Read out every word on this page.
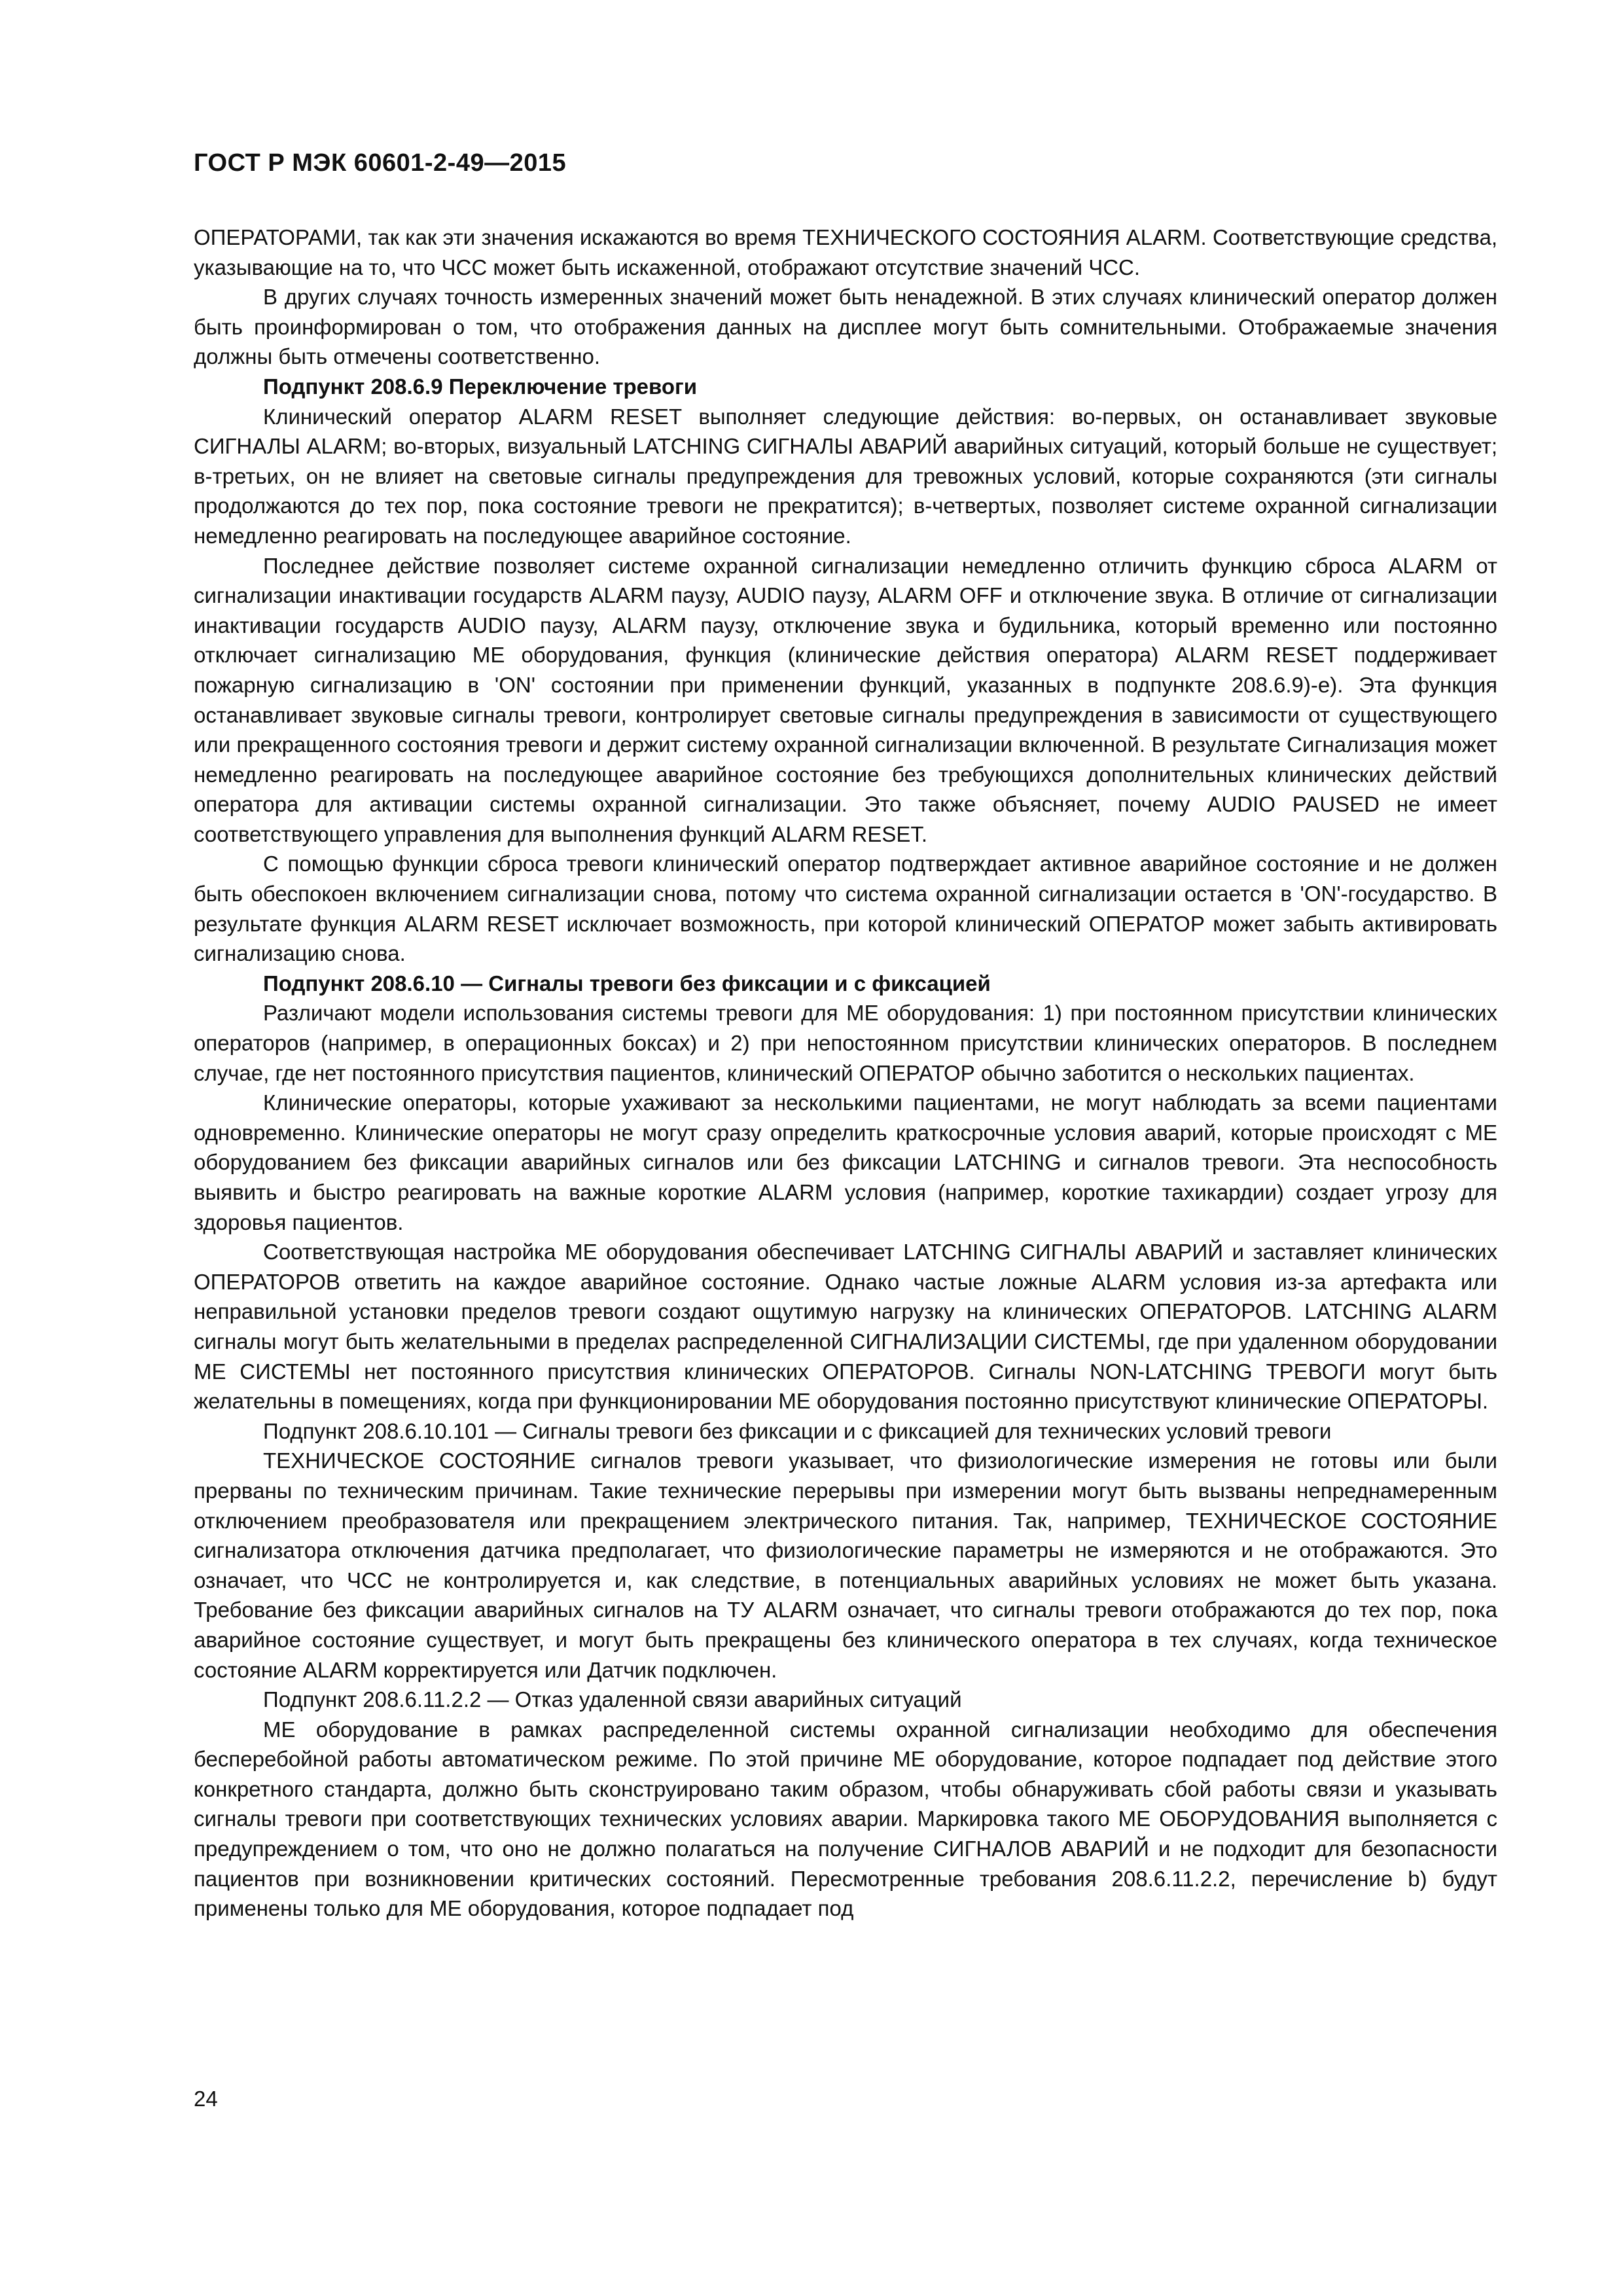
ГОСТ Р МЭК 60601-2-49—2015

ОПЕРАТОРАМИ, так как эти значения искажаются во время ТЕХНИЧЕСКОГО СОСТОЯНИЯ ALARM. Соответствующие средства, указывающие на то, что ЧСС может быть искаженной, отображают отсутствие значений ЧСС.

В других случаях точность измеренных значений может быть ненадежной. В этих случаях клинический оператор должен быть проинформирован о том, что отображения данных на дисплее могут быть сомнительными. Отображаемые значения должны быть отмечены соответственно.

Подпункт 208.6.9 Переключение тревоги

Клинический оператор ALARM RESET выполняет следующие действия: во-первых, он останавливает звуковые СИГНАЛЫ ALARM; во-вторых, визуальный LATCHING СИГНАЛЫ АВАРИЙ аварийных ситуаций, который больше не существует; в-третьих, он не влияет на световые сигналы предупреждения для тревожных условий, которые сохраняются (эти сигналы продолжаются до тех пор, пока состояние тревоги не прекратится); в-четвертых, позволяет системе охранной сигнализации немедленно реагировать на последующее аварийное состояние.

Последнее действие позволяет системе охранной сигнализации немедленно отличить функцию сброса ALARM от сигнализации инактивации государств ALARM паузу, AUDIO паузу, ALARM OFF и отключение звука. В отличие от сигнализации инактивации государств AUDIO паузу, ALARM паузу, отключение звука и будильника, который временно или постоянно отключает сигнализацию ME оборудования, функция (клинические действия оператора) ALARM RESET поддерживает пожарную сигнализацию в 'ON' состоянии при применении функций, указанных в подпункте 208.6.9)-е). Эта функция останавливает звуковые сигналы тревоги, контролирует световые сигналы предупреждения в зависимости от существующего или прекращенного состояния тревоги и держит систему охранной сигнализации включенной. В результате Сигнализация может немедленно реагировать на последующее аварийное состояние без требующихся дополнительных клинических действий оператора для активации системы охранной сигнализации. Это также объясняет, почему AUDIO PAUSED не имеет соответствующего управления для выполнения функций ALARM RESET.

С помощью функции сброса тревоги клинический оператор подтверждает активное аварийное состояние и не должен быть обеспокоен включением сигнализации снова, потому что система охранной сигнализации остается в 'ON'-государство. В результате функция ALARM RESET исключает возможность, при которой клинический ОПЕРАТОР может забыть активировать сигнализацию снова.

Подпункт 208.6.10 — Сигналы тревоги без фиксации и с фиксацией

Различают модели использования системы тревоги для ME оборудования: 1) при постоянном присутствии клинических операторов (например, в операционных боксах) и 2) при непостоянном присутствии клинических операторов. В последнем случае, где нет постоянного присутствия пациентов, клинический ОПЕРАТОР обычно заботится о нескольких пациентах.

Клинические операторы, которые ухаживают за несколькими пациентами, не могут наблюдать за всеми пациентами одновременно. Клинические операторы не могут сразу определить краткосрочные условия аварий, которые происходят с ME оборудованием без фиксации аварийных сигналов или без фиксации LATCHING и сигналов тревоги. Эта неспособность выявить и быстро реагировать на важные короткие ALARM условия (например, короткие тахикардии) создает угрозу для здоровья пациентов.

Соответствующая настройка ME оборудования обеспечивает LATCHING СИГНАЛЫ АВАРИЙ и заставляет клинических ОПЕРАТОРОВ ответить на каждое аварийное состояние. Однако частые ложные ALARM условия из-за артефакта или неправильной установки пределов тревоги создают ощутимую нагрузку на клинических ОПЕРАТОРОВ. LATCHING ALARM сигналы могут быть желательными в пределах распределенной СИГНАЛИЗАЦИИ СИСТЕМЫ, где при удаленном оборудовании ME СИСТЕМЫ нет постоянного присутствия клинических ОПЕРАТОРОВ. Сигналы NON-LATCHING ТРЕВОГИ могут быть желательны в помещениях, когда при функционировании ME оборудования постоянно присутствуют клинические ОПЕРАТОРЫ.

Подпункт 208.6.10.101 — Сигналы тревоги без фиксации и с фиксацией для технических условий тревоги

ТЕХНИЧЕСКОЕ СОСТОЯНИЕ сигналов тревоги указывает, что физиологические измерения не готовы или были прерваны по техническим причинам. Такие технические перерывы при измерении могут быть вызваны непреднамеренным отключением преобразователя или прекращением электрического питания. Так, например, ТЕХНИЧЕСКОЕ СОСТОЯНИЕ сигнализатора отключения датчика предполагает, что физиологические параметры не измеряются и не отображаются. Это означает, что ЧСС не контролируется и, как следствие, в потенциальных аварийных условиях не может быть указана. Требование без фиксации аварийных сигналов на ТУ ALARM означает, что сигналы тревоги отображаются до тех пор, пока аварийное состояние существует, и могут быть прекращены без клинического оператора в тех случаях, когда техническое состояние ALARM корректируется или Датчик подключен.

Подпункт 208.6.11.2.2 — Отказ удаленной связи аварийных ситуаций

ME оборудование в рамках распределенной системы охранной сигнализации необходимо для обеспечения бесперебойной работы автоматическом режиме. По этой причине ME оборудование, которое подпадает под действие этого конкретного стандарта, должно быть сконструировано таким образом, чтобы обнаруживать сбой работы связи и указывать сигналы тревоги при соответствующих технических условиях аварии. Маркировка такого ME ОБОРУДОВАНИЯ выполняется с предупреждением о том, что оно не должно полагаться на получение СИГНАЛОВ АВАРИЙ и не подходит для безопасности пациентов при возникновении критических состояний. Пересмотренные требования 208.6.11.2.2, перечисление b) будут применены только для ME оборудования, которое подпадает под

24
